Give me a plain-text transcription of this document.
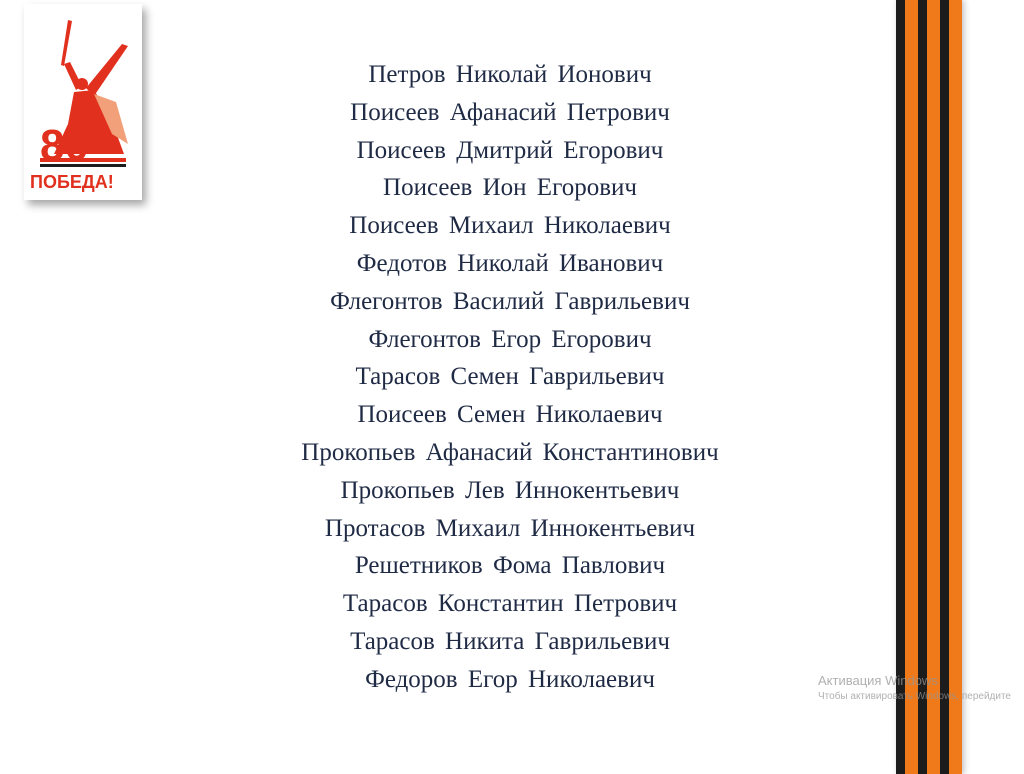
80
ПОБЕДА!
Петров Николай Ионович
Поисеев Афанасий Петрович
Поисеев Дмитрий Егорович
Поисеев Ион Егорович
Поисеев Михаил Николаевич
Федотов Николай Иванович
Флегонтов Василий Гаврильевич
Флегонтов Егор Егорович
Тарасов Семен Гаврильевич
Поисеев Семен Николаевич
Прокопьев Афанасий Константинович
Прокопьев Лев Иннокентьевич
Протасов Михаил Иннокентьевич
Решетников Фома Павлович
Тарасов Константин Петрович
Тарасов Никита Гаврильевич
Федоров Егор Николаевич	Активация Windows
Чтобы активировать Windows, перейдите
